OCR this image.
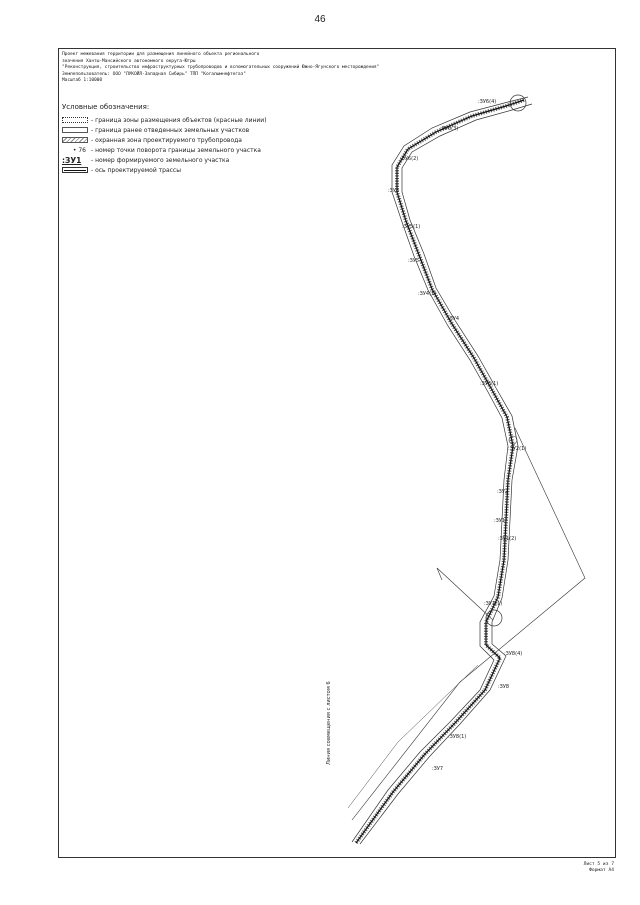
46
Проект межевания территории для размещения линейного объекта регионального
значения Ханты-Мансийского автономного округа-Югры
"Реконструкция, строительство инфраструктурных трубопроводов и вспомогательных сооружений Южно-Ягунского месторождения"
Землепользователь: ООО "ЛУКОЙЛ-Западная Сибирь" ТПП "Когалымнефтегаз"
Масштаб 1:10000
Условные обозначения:
- граница зоны размещения объектов (красные линии)
- граница ранее отведенных земельных участков
- охранная зона проектируемого трубопровода
• 76 - номер точки поворота границы земельного участка
:ЗУ1	- номер формируемого земельного участка
- ось проектируемой трассы
:ЗУ6(4)
:ЗУ6(3)
:ЗУ6(2)
:ЗУ6
:ЗУ5(1)
:ЗУ5
:ЗУ4(1)
:ЗУ4
:ЗУ3(1)
:ЗУ2(1)
:ЗУ2
:ЗУ1
:ЗУ1(2)
:ЗУ1(1)
:ЗУ8(4)
:ЗУ8
:ЗУ8(1)
:ЗУ7
Линия совмещения с листом 6
Лист 5 из 7
Формат А4
